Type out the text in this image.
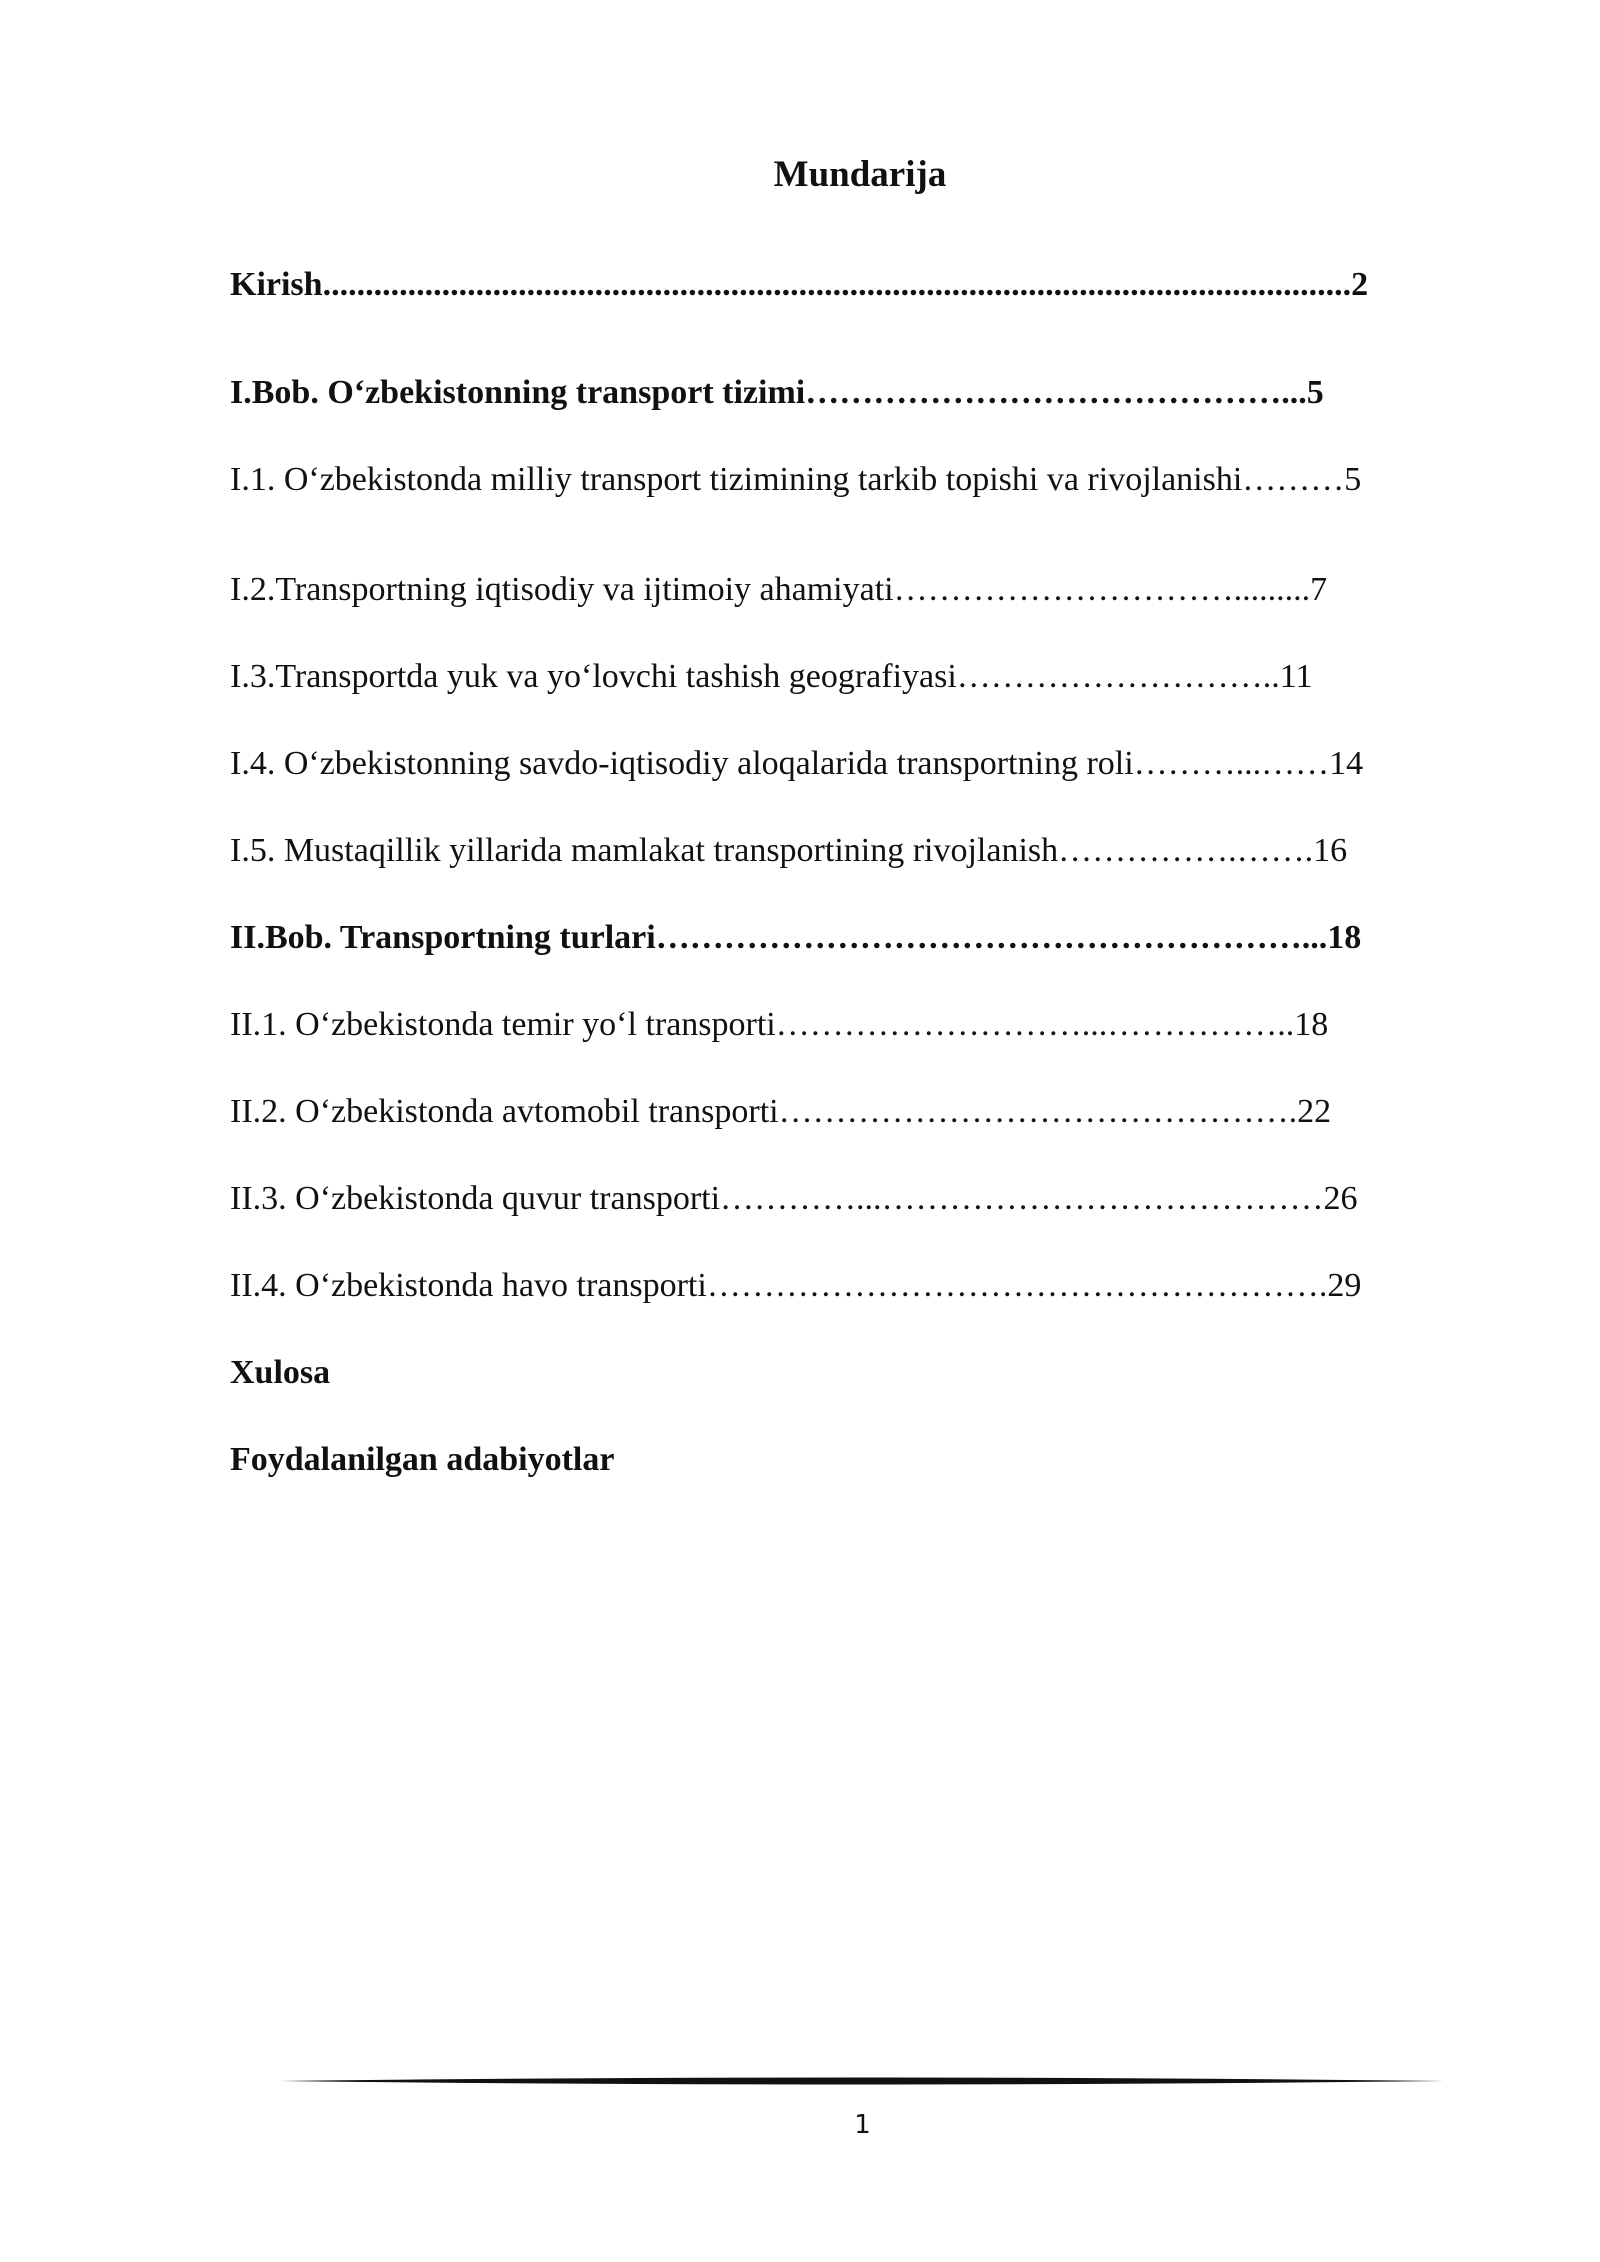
Mundarija
Kirish.........................................................................................................................2
I.Bob. O‘zbekistonning transport tizimi……………………………………...5
I.1. O‘zbekistonda milliy transport tizimining tarkib topishi va rivojlanishi………5
I.2.Transportning iqtisodiy va ijtimoiy ahamiyati………………………….........7
I.3.Transportda yuk va yo‘lovchi tashish geografiyasi………………………..11
I.4. O‘zbekistonning savdo-iqtisodiy aloqalarida transportning roli………...……14
I.5. Mustaqillik yillarida mamlakat transportining rivojlanish…………….…….16
II.Bob. Transportning turlari…………………………………………………...18
II.1. O‘zbekistonda temir yo‘l transporti………………………...……………..18
II.2. O‘zbekistonda avtomobil transporti……………………………………….22
II.3. O‘zbekistonda quvur transporti…………...…………………………………26
II.4. O‘zbekistonda havo transporti……………………………………………….29
Xulosa
Foydalanilgan adabiyotlar
1
